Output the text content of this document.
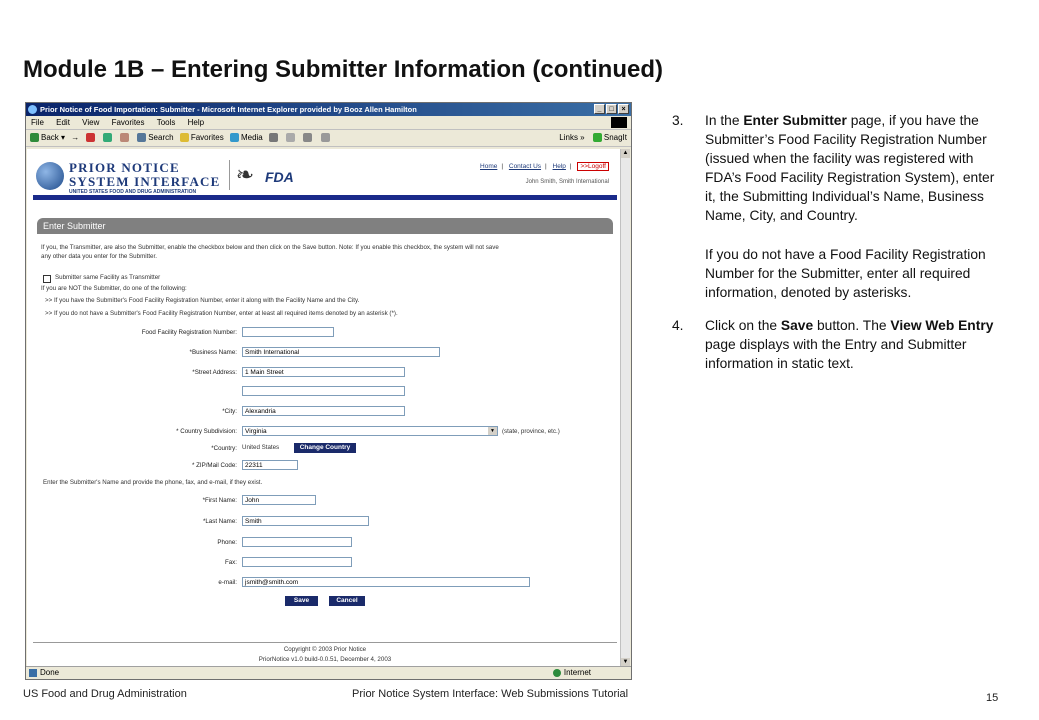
Module 1B – Entering Submitter Information (continued)
Prior Notice of Food Importation: Submitter - Microsoft Internet Explorer provided by Booz Allen Hamilton	_	□	×
File Edit View Favorites Tools Help
Back ▾ →	Search Favorites Media	Links » SnagIt
PRIOR NOTICE
SYSTEM INTERFACE
UNITED STATES FOOD AND DRUG ADMINISTRATION
❧ FDA
Home | Contact Us | Help | >>Logoff
John Smith, Smith International
Enter Submitter
If you, the Transmitter, are also the Submitter, enable the checkbox below and then click on the Save button. Note: If you enable this checkbox, the system will not save
any other data you enter for the Submitter.
Submitter same Facility as Transmitter
If you are NOT the Submitter, do one of the following:
>> If you have the Submitter's Food Facility Registration Number, enter it along with the Facility Name and the City.
>> If you do not have a Submitter's Food Facility Registration Number, enter at least all required items denoted by an asterisk (*).
Food Facility Registration Number:
*Business Name:	Smith International
*Street Address:	1 Main Street
*City:	Alexandria
* Country Subdivision:	Virginia	▼	(state, province, etc.)
*Country: United States	Change Country
* ZIP/Mail Code:	22311
Enter the Submitter's Name and provide the phone, fax, and e-mail, if they exist.
*First Name:	John
*Last Name:	Smith
Phone:
Fax:
e-mail:	jsmith@smith.com
Save	Cancel
Copyright © 2003 Prior Notice
PriorNotice v1.0 build-0.0.51, December 4, 2003
▲
▼
Done	Internet
3. In the Enter Submitter page, if you have the Submitter’s Food Facility Registration Number (issued when the facility was registered with FDA’s Food Facility Registration System), enter it, the Submitting Individual’s Name, Business Name, City, and Country.

If you do not have a Food Facility Registration Number for the Submitter, enter all required information, denoted by asterisks.

4. Click on the Save button. The View Web Entry page displays with the Entry and Submitter information in static text.

US Food and Drug Administration	Prior Notice System Interface: Web Submissions Tutorial	15
